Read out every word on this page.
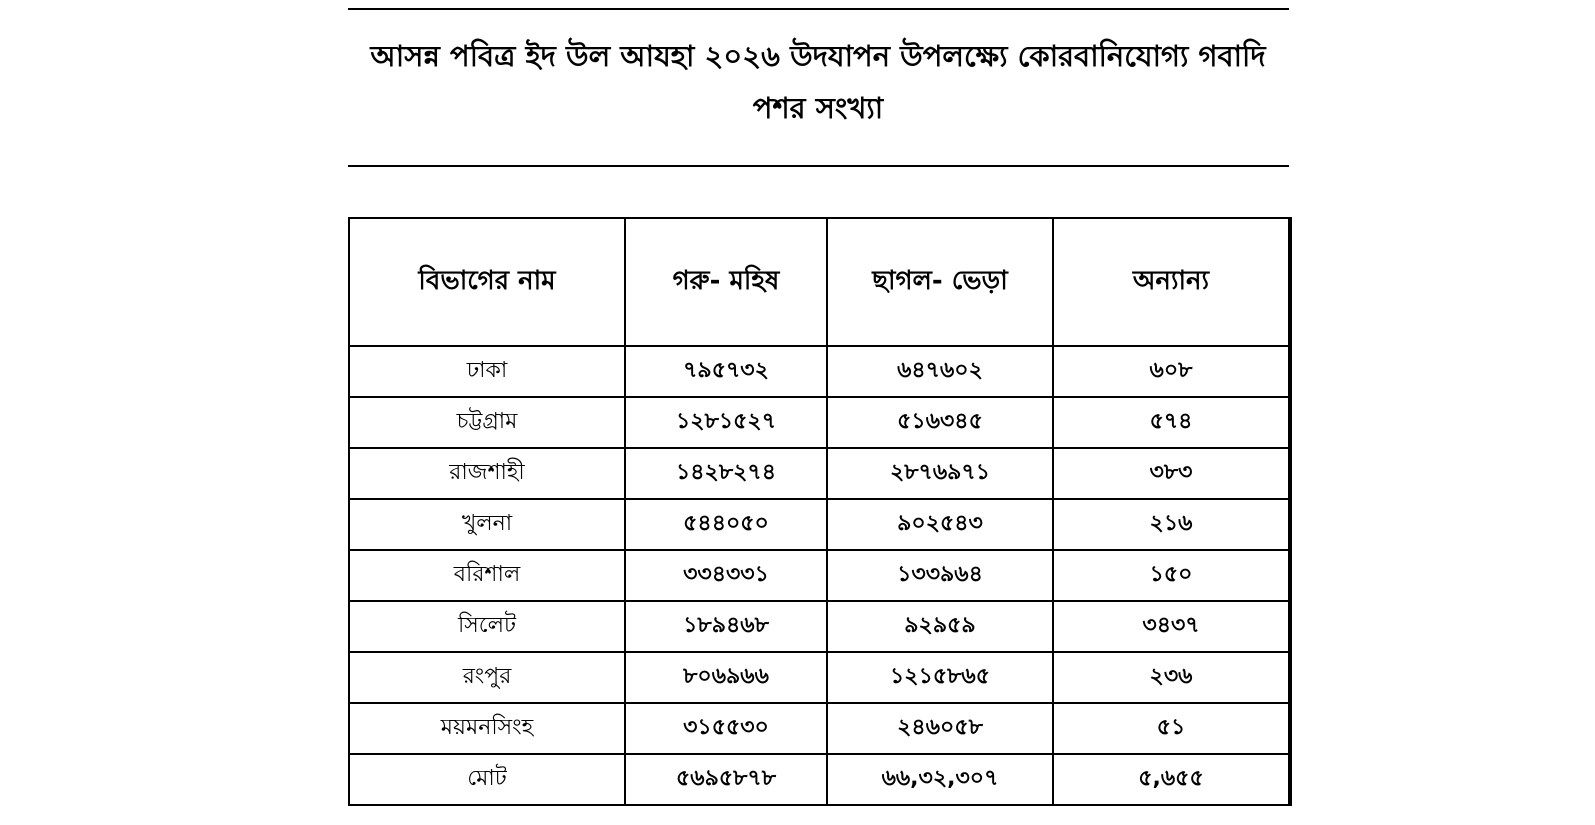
আসন্ন পবিত্র ইদ উল আযহা ২০২৬ উদযাপন উপলক্ষ্যে কোরবানিযোগ্য গবাদি
পশর সংখ্যা
বিভাগের নাম	গরু- মহিষ	ছাগল- ভেড়া	অন্যান্য
ঢাকা	৭৯৫৭৩২	৬৪৭৬০২	৬০৮
চট্টগ্রাম	১২৮১৫২৭	৫১৬৩৪৫	৫৭৪
রাজশাহী	১৪২৮২৭৪	২৮৭৬৯৭১	৩৮৩
খুলনা	৫৪৪০৫০	৯০২৫৪৩	২১৬
বরিশাল	৩৩৪৩৩১	১৩৩৯৬৪	১৫০
সিলেট	১৮৯৪৬৮	৯২৯৫৯	৩৪৩৭
রংপুর	৮০৬৯৬৬	১২১৫৮৬৫	২৩৬
ময়মনসিংহ	৩১৫৫৩০	২৪৬০৫৮	৫১
মোট	৫৬৯৫৮৭৮	৬৬,৩২,৩০৭	৫,৬৫৫
